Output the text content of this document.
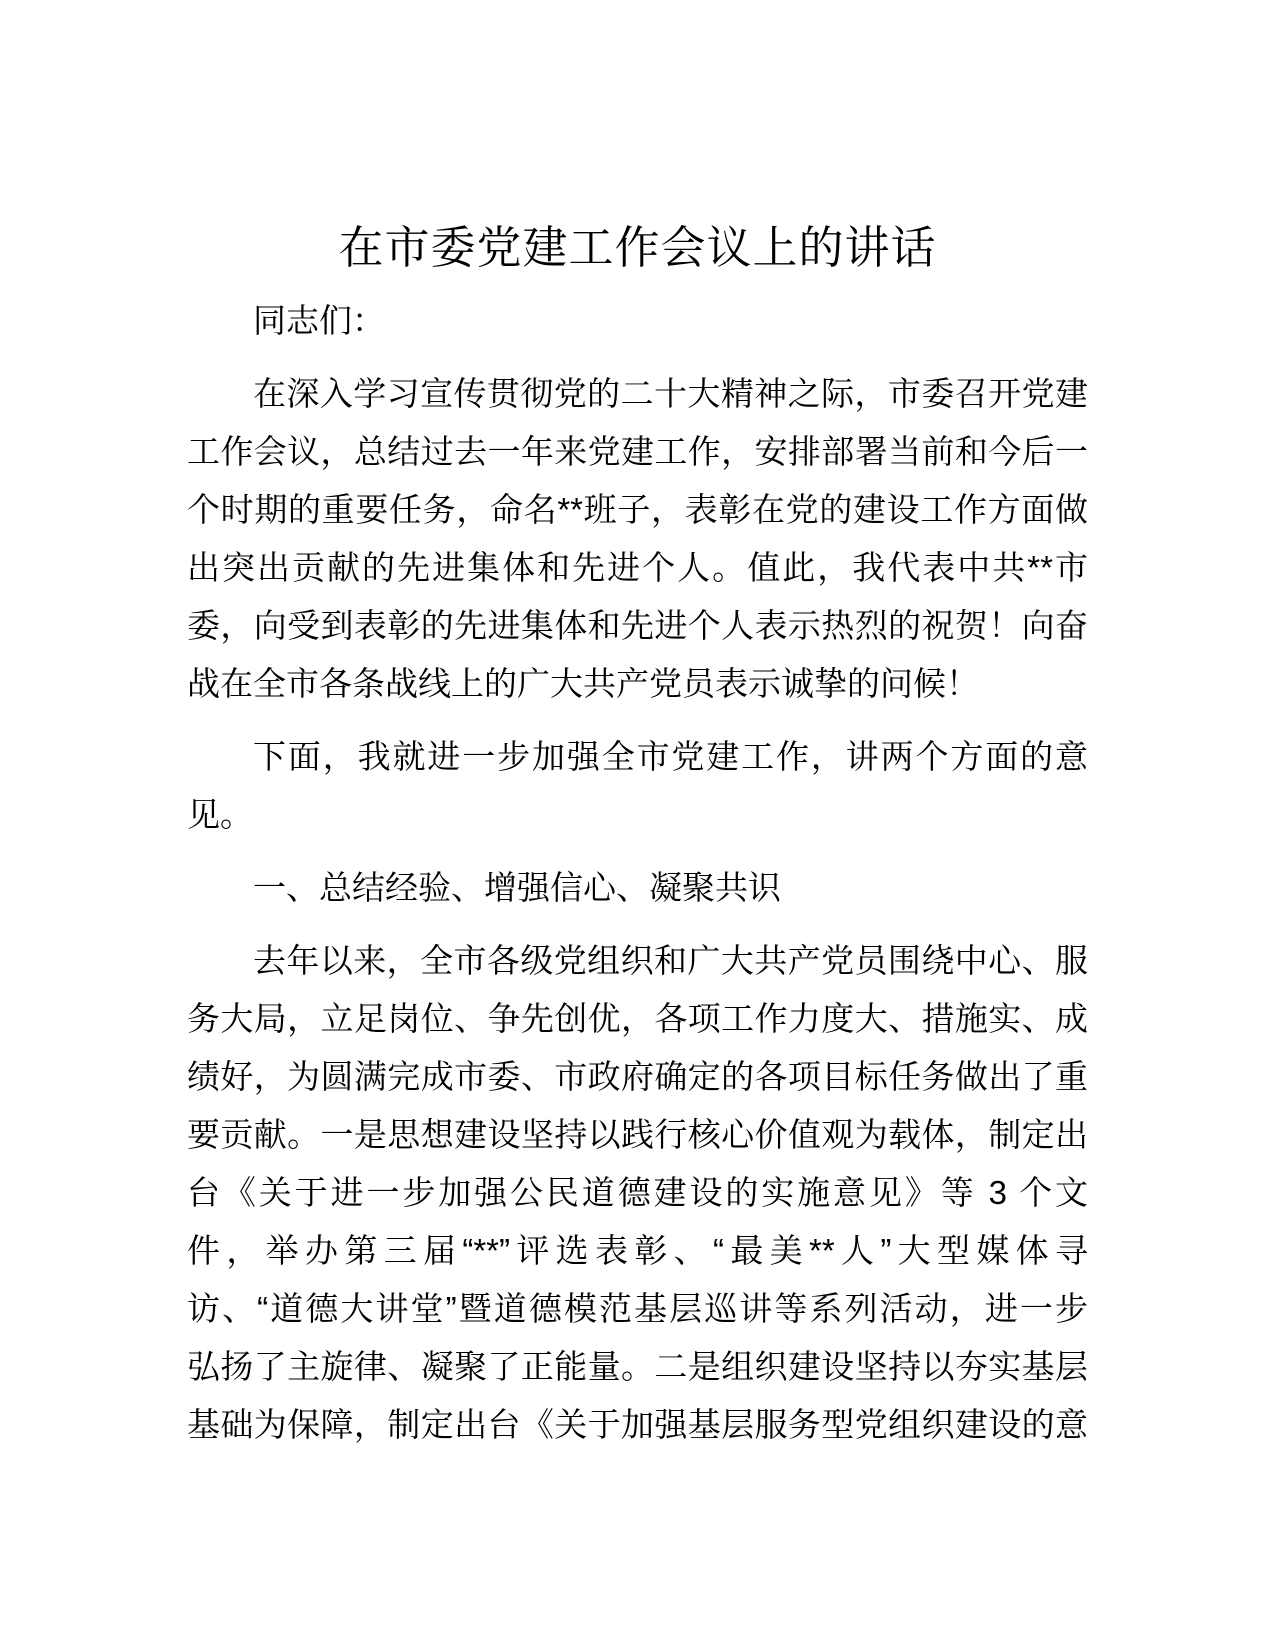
在市委党建工作会议上的讲话
同志们：
在深入学习宣传贯彻党的二十大精神之际，市委召开党建
工作会议，总结过去一年来党建工作，安排部署当前和今后一
个时期的重要任务，命名**班子，表彰在党的建设工作方面做
出突出贡献的先进集体和先进个人。值此，我代表中共**市
委，向受到表彰的先进集体和先进个人表示热烈的祝贺！向奋
战在全市各条战线上的广大共产党员表示诚挚的问候！
下面，我就进一步加强全市党建工作，讲两个方面的意
见。
一、总结经验、增强信心、凝聚共识
去年以来，全市各级党组织和广大共产党员围绕中心、服
务大局，立足岗位、争先创优，各项工作力度大、措施实、成
绩好，为圆满完成市委、市政府确定的各项目标任务做出了重
要贡献。一是思想建设坚持以践行核心价值观为载体，制定出
台《关于进一步加强公民道德建设的实施意见》等 3 个文
件，举办第三届“**”评选表彰、“最美**人”大型媒体寻
访、“道德大讲堂”暨道德模范基层巡讲等系列活动，进一步
弘扬了主旋律、凝聚了正能量。二是组织建设坚持以夯实基层
基础为保障，制定出台《关于加强基层服务型党组织建设的意
